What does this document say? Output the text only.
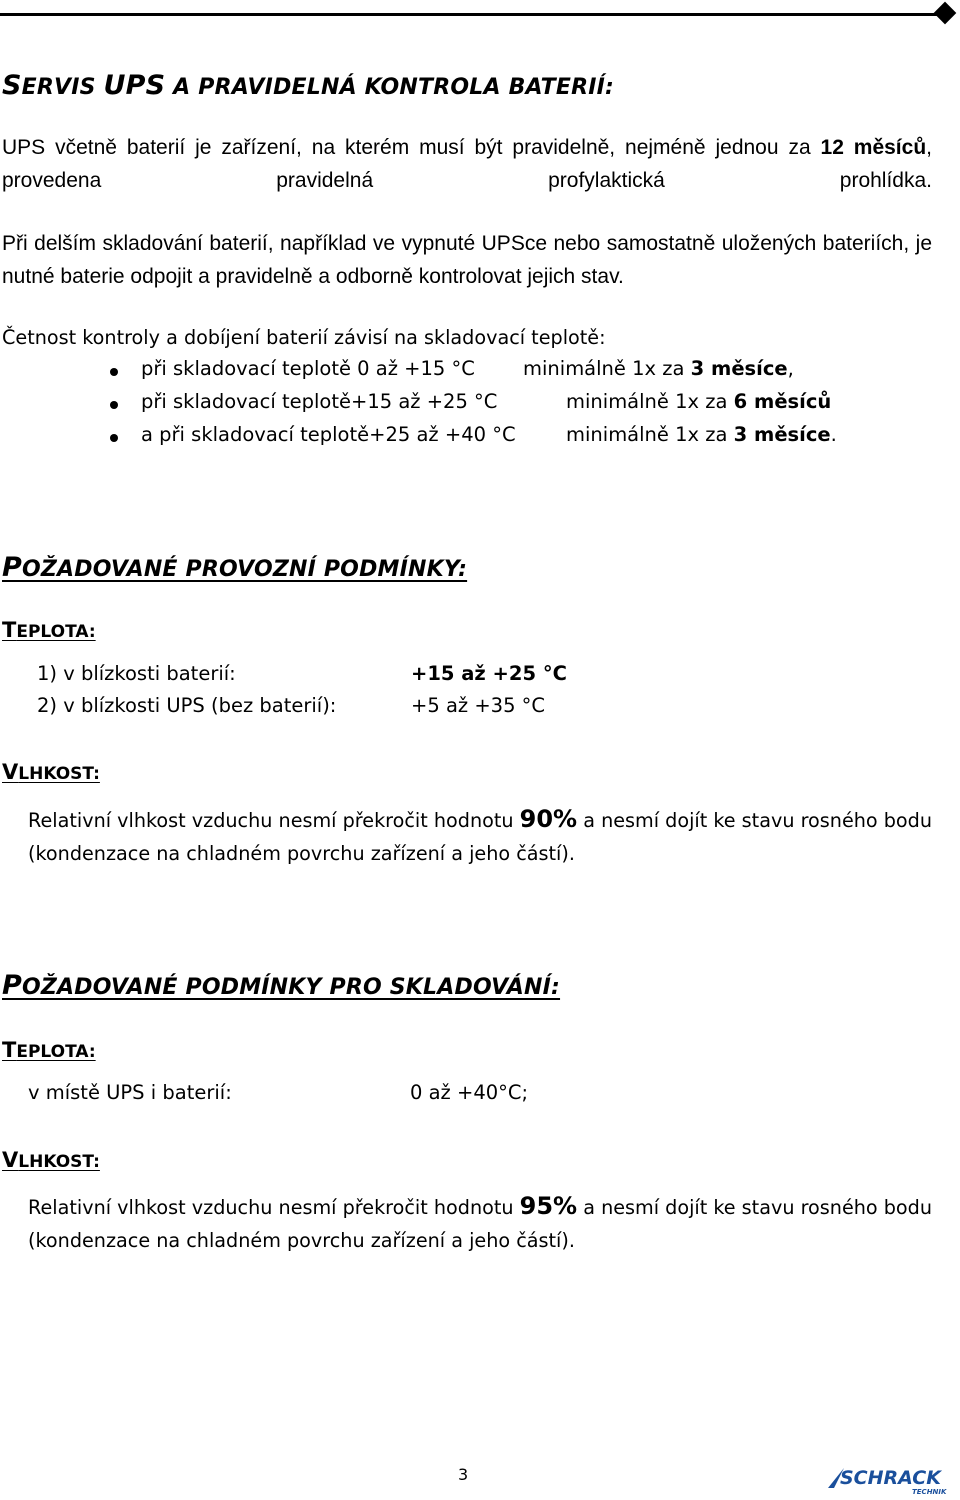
SERVIS UPS A PRAVIDELNÁ KONTROLA BATERIÍ:

UPS včetně baterií je zařízení, na kterém musí být pravidelně, nejméně jednou za 12 měsíců, provedena pravidelná profylaktická prohlídka.

Při delším skladování baterií, například ve vypnuté UPSce nebo samostatně uložených bateriích, je nutné baterie odpojit a pravidelně a odborně kontrolovat jejich stav.

Četnost kontroly a dobíjení baterií závisí na skladovací teplotě:

při skladovací teplotě 0 až +15 °C minimálně 1x za 3 měsíce,
při skladovací teplotě+15 až +25 °C	minimálně 1x za 6 měsíců
a při skladovací teplotě+25 až +40 °C	minimálně 1x za 3 měsíce.
POŽADOVANÉ PROVOZNÍ PODMÍNKY:
TEPLOTA:
1) v blízkosti baterií:	+15 až +25 °C
2) v blízkosti UPS (bez baterií):	+5 až +35 °C
VLHKOST:

Relativní vlhkost vzduchu nesmí překročit hodnotu 90% a nesmí dojít ke stavu rosného bodu (kondenzace na chladném povrchu zařízení a jeho částí).

POŽADOVANÉ PODMÍNKY PRO SKLADOVÁNÍ:
TEPLOTA:
v místě UPS i baterií:	0 až +40°C;
VLHKOST:

Relativní vlhkost vzduchu nesmí překročit hodnotu 95% a nesmí dojít ke stavu rosného bodu (kondenzace na chladném povrchu zařízení a jeho částí).

3	SCHRACK
TECHNIK
